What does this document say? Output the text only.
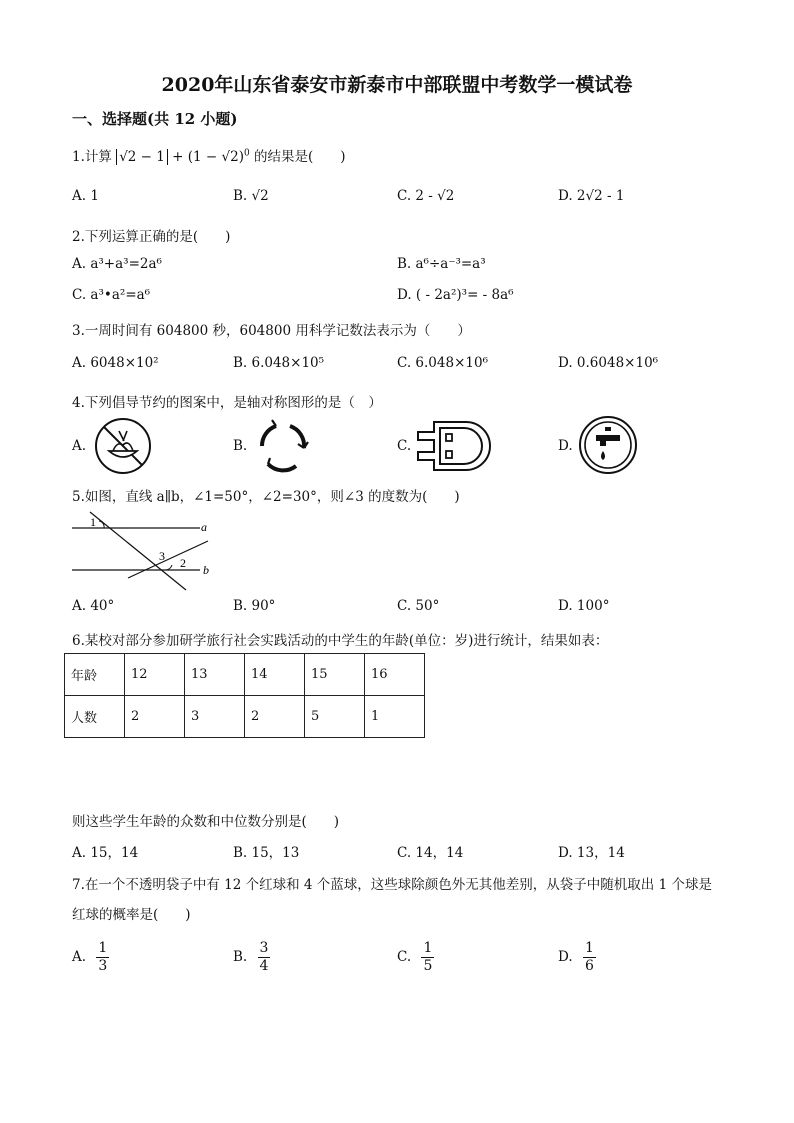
2020年山东省泰安市新泰市中部联盟中考数学一模试卷
一、选择题(共 12 小题)
1.计算 $√2 - 1 + (1 - √2)^0$ 的结果是(　　)
A. 1	B. √2	C. 2 - √2	D. 2√2 - 1
2.下列运算正确的是(　　)
A. a³+a³=2a⁶	B. a⁶÷a⁻³=a³
C. a³•a²=a⁶	D. ( - 2a²)³= - 8a⁶
3.一周时间有 604800 秒，604800 用科学记数法表示为（　　）
A. 6048×10²	B. 6.048×10⁵	C. 6.048×10⁶	D. 0.6048×10⁶
4.下列倡导节约的图案中，是轴对称图形的是（　）
A.	B.	C.	D.
5.如图，直线 a∥b，∠1=50°，∠2=30°，则∠3 的度数为(　　)
1
3 2
a
b
A. 40°	B. 90°	C. 50°	D. 100°
6.某校对部分参加研学旅行社会实践活动的中学生的年龄(单位：岁)进行统计，结果如表：
年龄	12	13	14	15	16
人数	2	3	2	5	1
则这些学生年龄的众数和中位数分别是(　　)
A. 15，14	B. 15，13	C. 14，14	D. 13，14
7.在一个不透明袋子中有 12 个红球和 4 个蓝球，这些球除颜色外无其他差别，从袋子中随机取出 1 个球是
红球的概率是(　　)
A. $\frac{1}{3}$	B. $\frac{3}{4}$	C. $\frac{1}{5}$	D. $\frac{1}{6}$
